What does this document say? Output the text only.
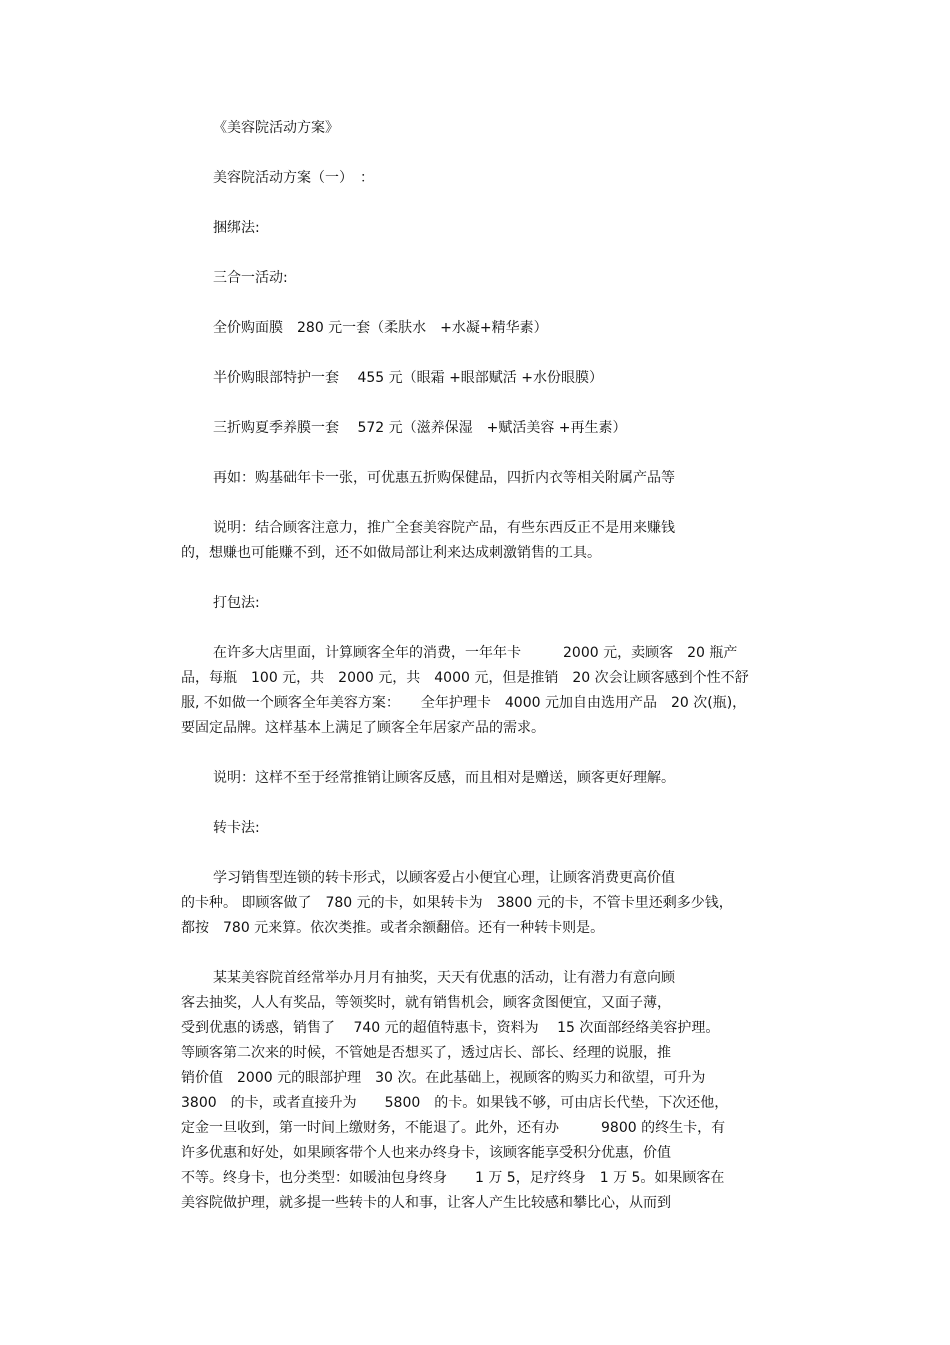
《美容院活动方案》
美容院活动方案（一）　：
捆绑法:
三合一活动:
全价购面膜　280 元一套（柔肤水　+水凝+精华素）
半价购眼部特护一套　 455 元（眼霜 +眼部赋活 +水份眼膜）
三折购夏季养膜一套　 572 元（滋养保湿　+赋活美容 +再生素）
再如：购基础年卡一张，可优惠五折购保健品，四折内衣等相关附属产品等
说明：结合顾客注意力，推广全套美容院产品，有些东西反正不是用来赚钱
的，想赚也可能赚不到，还不如做局部让利来达成刺激销售的工具。
打包法:
在许多大店里面，计算顾客全年的消费，一年年卡　　　2000 元，卖顾客　20 瓶产
品，每瓶　100 元，共　2000 元，共　4000 元，但是推销　20 次会让顾客感到个性不舒
服, 不如做一个顾客全年美容方案：　　全年护理卡　4000 元加自由选用产品　20 次(瓶)，
要固定品牌。这样基本上满足了顾客全年居家产品的需求。
说明：这样不至于经常推销让顾客反感，而且相对是赠送，顾客更好理解。
转卡法:
学习销售型连锁的转卡形式，以顾客爱占小便宜心理，让顾客消费更高价值
的卡种。 即顾客做了　780 元的卡，如果转卡为　3800 元的卡，不管卡里还剩多少钱，
都按　780 元来算。依次类推。或者余额翻倍。还有一种转卡则是。
某某美容院首经常举办月月有抽奖，天天有优惠的活动，让有潜力有意向顾
客去抽奖，人人有奖品，等领奖时，就有销售机会，顾客贪图便宜，又面子薄，
受到优惠的诱惑，销售了　 740 元的超值特惠卡，资料为　 15 次面部经络美容护理。
等顾客第二次来的时候，不管她是否想买了，透过店长、部长、经理的说服，推
销价值　2000 元的眼部护理　30 次。在此基础上，视顾客的购买力和欲望，可升为
3800　的卡，或者直接升为　　5800　的卡。如果钱不够，可由店长代垫，下次还他，
定金一旦收到，第一时间上缴财务，不能退了。此外，还有办　　　9800 的终生卡，有
许多优惠和好处，如果顾客带个人也来办终身卡，该顾客能享受积分优惠，价值
不等。终身卡，也分类型：如暖油包身终身　　1 万 5，足疗终身　1 万 5。如果顾客在
美容院做护理，就多提一些转卡的人和事，让客人产生比较感和攀比心，从而到
